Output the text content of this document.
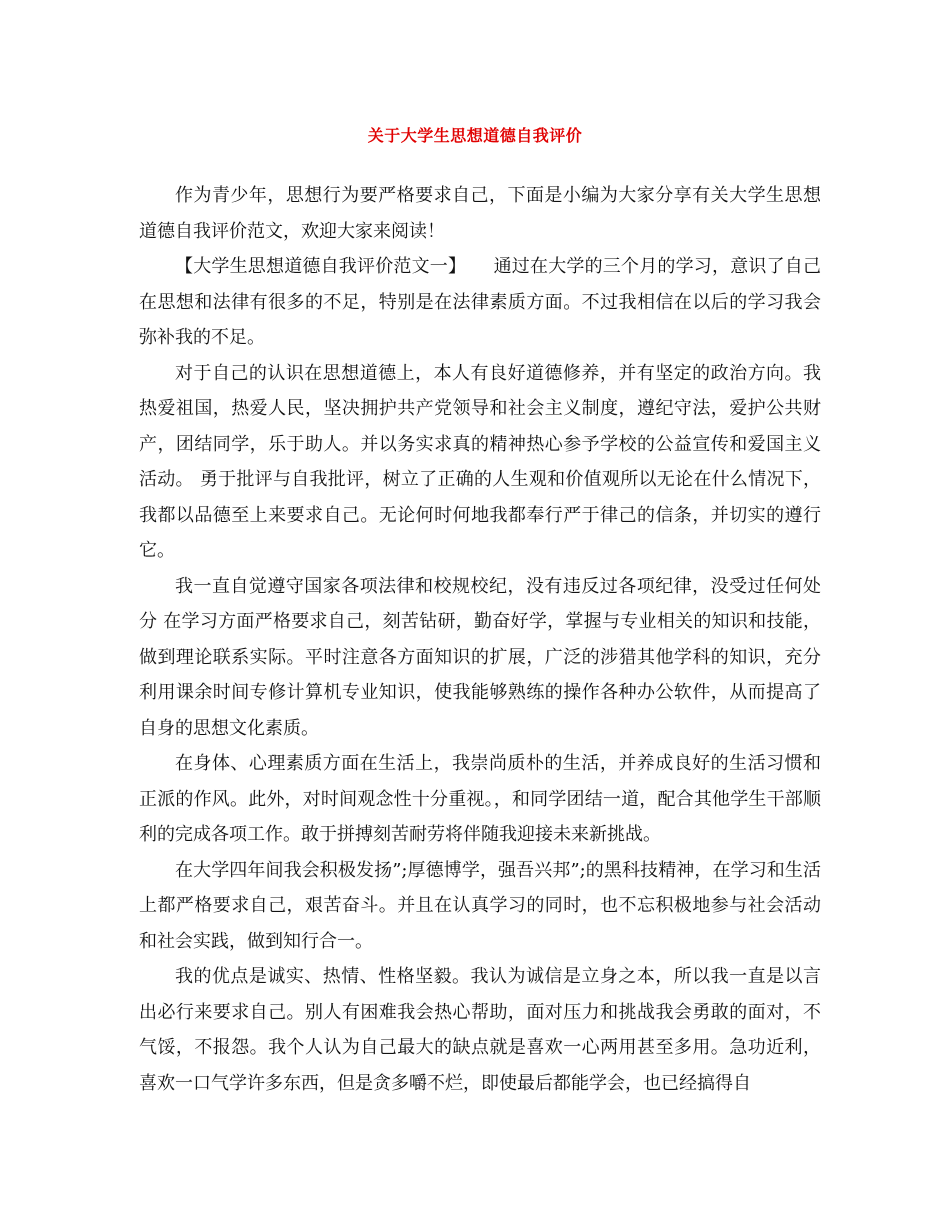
关于大学生思想道德自我评价

作为青少年，思想行为要严格要求自己，下面是小编为大家分享有关大学生思想道德自我评价范文，欢迎大家来阅读！

【大学生思想道德自我评价范文一】　　通过在大学的三个月的学习，意识了自己在思想和法律有很多的不足，特别是在法律素质方面。不过我相信在以后的学习我会弥补我的不足。

对于自己的认识在思想道德上，本人有良好道德修养，并有坚定的政治方向。我热爱祖国，热爱人民，坚决拥护共产党领导和社会主义制度，遵纪守法，爱护公共财产，团结同学，乐于助人。并以务实求真的精神热心参予学校的公益宣传和爱国主义活动。 勇于批评与自我批评，树立了正确的人生观和价值观所以无论在什么情况下，我都以品德至上来要求自己。无论何时何地我都奉行严于律己的信条，并切实的遵行它。

我一直自觉遵守国家各项法律和校规校纪，没有违反过各项纪律，没受过任何处分 在学习方面严格要求自己，刻苦钻研，勤奋好学，掌握与专业相关的知识和技能，做到理论联系实际。平时注意各方面知识的扩展，广泛的涉猎其他学科的知识，充分利用课余时间专修计算机专业知识，使我能够熟练的操作各种办公软件，从而提高了自身的思想文化素质。

在身体、心理素质方面在生活上，我崇尚质朴的生活，并养成良好的生活习惯和正派的作风。此外，对时间观念性十分重视。，和同学团结一道，配合其他学生干部顺利的完成各项工作。敢于拼搏刻苦耐劳将伴随我迎接未来新挑战。

在大学四年间我会积极发扬”;厚德博学，强吾兴邦”;的黑科技精神，在学习和生活上都严格要求自己，艰苦奋斗。并且在认真学习的同时，也不忘积极地参与社会活动和社会实践，做到知行合一。

我的优点是诚实、热情、性格坚毅。我认为诚信是立身之本，所以我一直是以言出必行来要求自己。别人有困难我会热心帮助，面对压力和挑战我会勇敢的面对，不气馁，不报怨。我个人认为自己最大的缺点就是喜欢一心两用甚至多用。急功近利，喜欢一口气学许多东西，但是贪多嚼不烂，即使最后都能学会，也已经搞得自
